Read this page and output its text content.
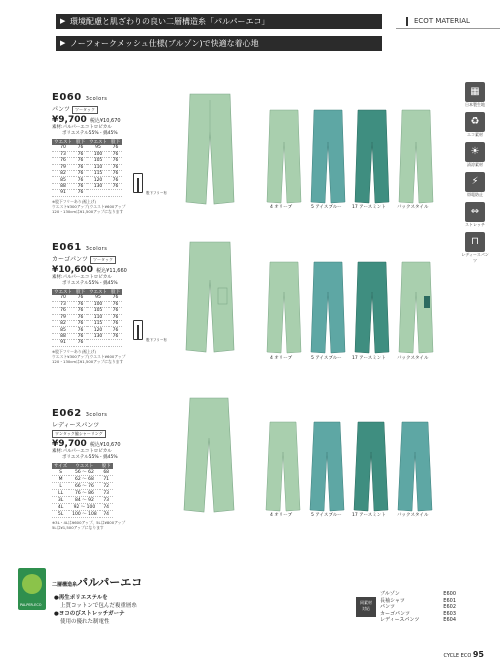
▶ 環境配慮と肌ざわりの良い二層構造糸「パルパーエコ」
▶ ノーフォークメッシュ仕様(ブルゾン)で快適な着心地
ECOT MATERIAL
▦
日本製生地
♻
エコ素材
☀
清涼素材
⚡
帯電防止
⇔
ストレッチ
⊓
レディースパンツ
E060 3colors
パンツ ツータック
¥9,700 税込¥10,670
素材:パルパーエコトロピカル
ポリエステル55%・綿45%
ウエスト	股下	ウエスト	股下
70	76	95	76
73	76	100	76
76	76	105	76
79	76	110	76
82	76	115	76
85	76	120	76
88	76	130	76
91	76		
※股下フリーあり(裾上げ)
ウエスト¥300アップ(ウエスト¥600アップ
120・130cmは¥1,500アップになります
股下フリー有
4 オリーブ	5 アイスブルー 17 アースミント バックスタイル
E061 3colors
カーゴパンツ ツータック
¥10,600 税込¥11,660
素材:パルパーエコトロピカル
ポリエステル55%・綿45%
ウエスト	股下	ウエスト	股下
70	76	95	76
73	76	100	76
76	76	105	76
79	76	110	76
82	76	115	76
85	76	120	76
88	76	130	76
91	76		
※股下フリーあり(裾上げ)
ウエスト¥300アップ(ウエスト¥600アップ
120・130cmは¥1,500アップになります
股下フリー有
4 オリーブ	5 アイスブルー 17 アースミント バックスタイル
E062 3colors
レディースパンツ
ワンタック脇シャーリング
¥9,700 税込¥10,670
素材:パルパーエコトロピカル
ポリエステル55%・綿45%
サイズ	ウエスト	股下
S	56 〜 62	68
M	62 〜 68	71
L	66 〜 76	72
LL	76 〜 86	73
3L	84 〜 92	73
4L	92 〜 100	74
5L	100 〜 108	74
※3L・4Lは¥600アップ、5Lは¥800アップ
5Lは¥1,500アップになります
4 オリーブ	5 アイスブルー 17 アースミント バックスタイル
PALPER-ECO
二層構造糸パルパーエコ
●再生ポリエステルを
上質コットンで包んだ複重層糸
●ヨコのびストレッチガーナ
使用の優れた制電性
同素材
対応
ブルゾン	E600
長袖シャツ	E601
パンツ	E602
カーゴパンツ	E603
レディースパンツ	E604
CYCLE ECO 95
